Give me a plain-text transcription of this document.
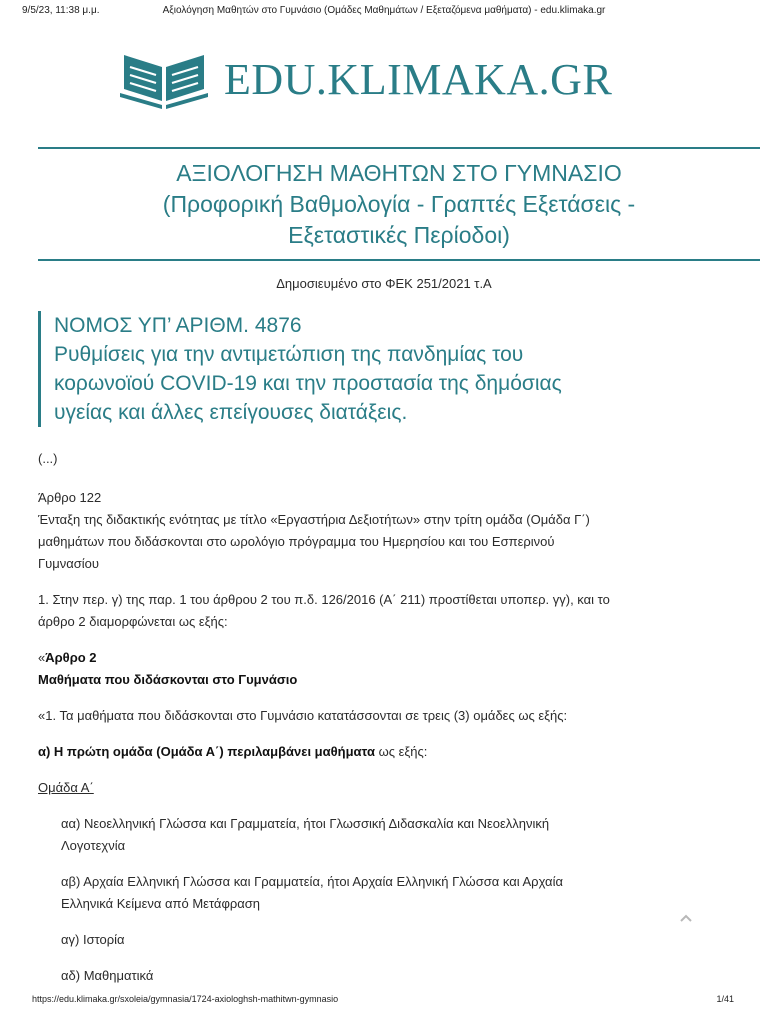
9/5/23, 11:38 μ.μ.	Αξιολόγηση Μαθητών στο Γυμνάσιο (Ομάδες Μαθημάτων / Εξεταζόμενα μαθήματα) - edu.klimaka.gr
EDU.KLIMAKA.GR
ΑΞΙΟΛΟΓΗΣΗ ΜΑΘΗΤΩΝ ΣΤΟ ΓΥΜΝΑΣΙΟ
(Προφορική Βαθμολογία - Γραπτές Εξετάσεις -
Εξεταστικές Περίοδοι)
Δημοσιευμένο στο ΦΕΚ 251/2021 τ.Α
ΝΟΜΟΣ ΥΠ’ ΑΡΙΘΜ. 4876
Ρυθμίσεις για την αντιμετώπιση της πανδημίας του
κορωνοϊού COVID-19 και την προστασία της δημόσιας
υγείας και άλλες επείγουσες διατάξεις.

(...)

Άρθρο 122

Ένταξη της διδακτικής ενότητας με τίτλο «Εργαστήρια Δεξιοτήτων» στην τρίτη ομάδα (Ομάδα Γ΄)

μαθημάτων που διδάσκονται στο ωρολόγιο πρόγραμμα του Ημερησίου και του Εσπερινού

Γυμνασίου

1. Στην περ. γ) της παρ. 1 του άρθρου 2 του π.δ. 126/2016 (Α΄ 211) προστίθεται υποπερ. γγ), και το

άρθρο 2 διαμορφώνεται ως εξής:

«Άρθρο 2

Μαθήματα που διδάσκονται στο Γυμνάσιο

«1. Τα μαθήματα που διδάσκονται στο Γυμνάσιο κατατάσσονται σε τρεις (3) ομάδες ως εξής:

α) Η πρώτη ομάδα (Ομάδα Α΄) περιλαμβάνει μαθήματα ως εξής:

Ομάδα Α΄

αα) Νεοελληνική Γλώσσα και Γραμματεία, ήτοι Γλωσσική Διδασκαλία και Νεοελληνική

Λογοτεχνία

αβ) Αρχαία Ελληνική Γλώσσα και Γραμματεία, ήτοι Αρχαία Ελληνική Γλώσσα και Αρχαία

Ελληνικά Κείμενα από Μετάφραση

αγ) Ιστορία

αδ) Μαθηματικά

https://edu.klimaka.gr/sxoleia/gymnasia/1724-axiologhsh-mathitwn-gymnasio	1/41
